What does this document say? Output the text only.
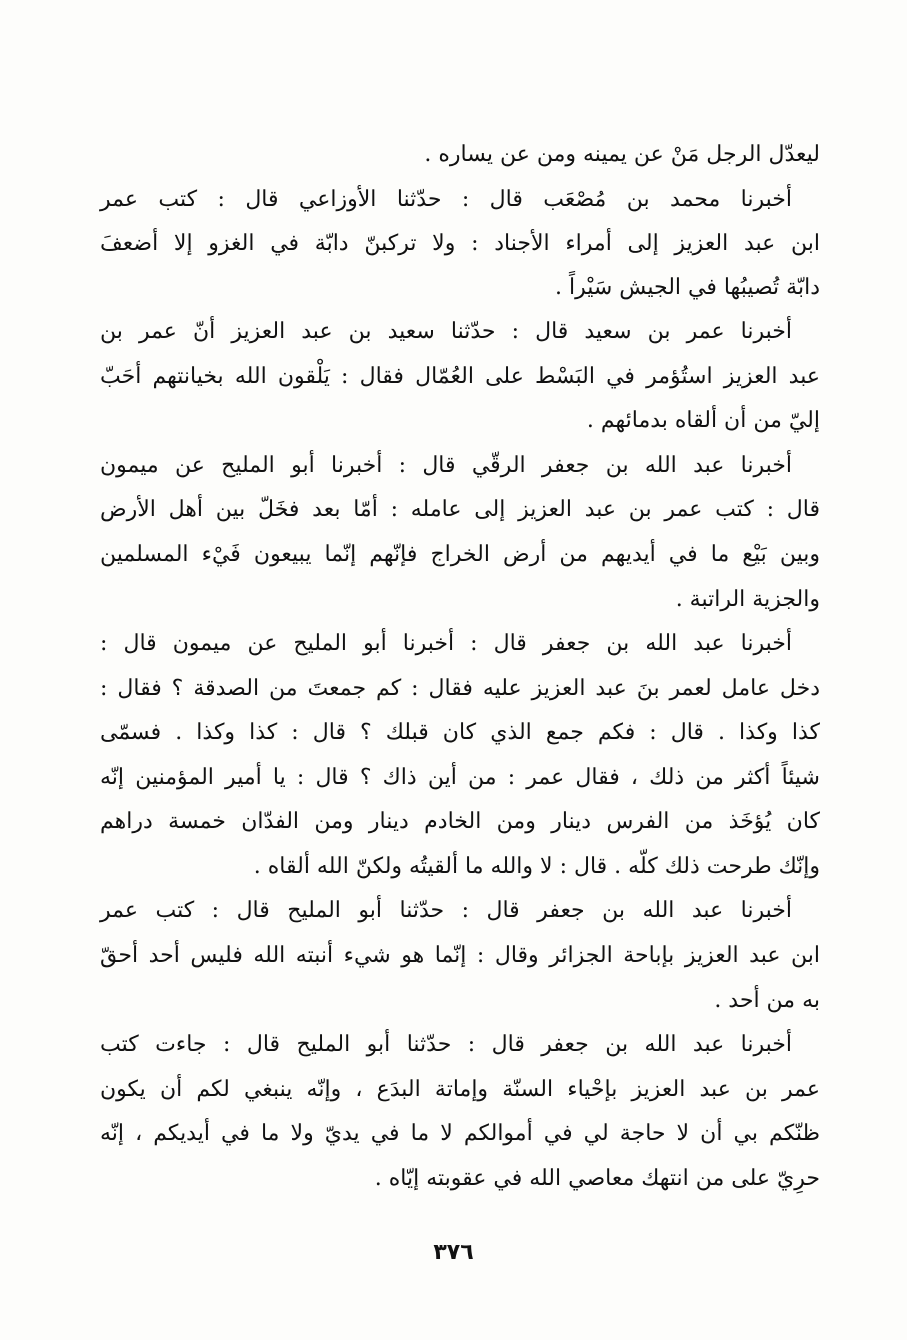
ليعدّل الرجل مَنْ عن يمينه ومن عن يساره .
أخبرنا محمد بن مُصْعَب قال : حدّثنا الأوزاعي قال : كتب عمر
ابن عبد العزيز إلى أمراء الأجناد : ولا تركبنّ دابّة في الغزو إلا أضعفَ
دابّة تُصيبُها في الجيش سَيْراً .
أخبرنا عمر بن سعيد قال : حدّثنا سعيد بن عبد العزيز أنّ عمر بن
عبد العزيز استُؤمر في البَسْط على العُمّال فقال : يَلْقون الله بخيانتهم أحَبّ
إليّ من أن ألقاه بدمائهم .
أخبرنا عبد الله بن جعفر الرقّي قال : أخبرنا أبو المليح عن ميمون
قال : كتب عمر بن عبد العزيز إلى عامله : أمّا بعد فخَلّ بين أهل الأرض
وبين بَيْع ما في أيديهم من أرض الخراج فإنّهم إنّما يبيعون فَيْء المسلمين
والجزية الراتبة .
أخبرنا عبد الله بن جعفر قال : أخبرنا أبو المليح عن ميمون قال :
دخل عامل لعمر بنَ عبد العزيز عليه فقال : كم جمعتَ من الصدقة ؟ فقال :
كذا وكذا . قال : فكم جمع الذي كان قبلك ؟ قال : كذا وكذا . فسمّى
شيئاً أكثر من ذلك ، فقال عمر : من أين ذاك ؟ قال : يا أمير المؤمنين إنّه
كان يُؤخَذ من الفرس دينار ومن الخادم دينار ومن الفدّان خمسة دراهم
وإنّك طرحت ذلك كلّه . قال : لا والله ما ألقيتُه ولكنّ الله ألقاه .
أخبرنا عبد الله بن جعفر قال : حدّثنا أبو المليح قال : كتب عمر
ابن عبد العزيز بإباحة الجزائر وقال : إنّما هو شيء أنبته الله فليس أحد أحقّ
به من أحد .
أخبرنا عبد الله بن جعفر قال : حدّثنا أبو المليح قال : جاءت كتب
عمر بن عبد العزيز بإحْياء السنّة وإماتة البدَع ، وإنّه ينبغي لكم أن يكون
ظنّكم بي أن لا حاجة لي في أموالكم لا ما في يديّ ولا ما في أيديكم ، إنّه
حرِيّ على من انتهك معاصي الله في عقوبته إيّاه .
٣٧٦
